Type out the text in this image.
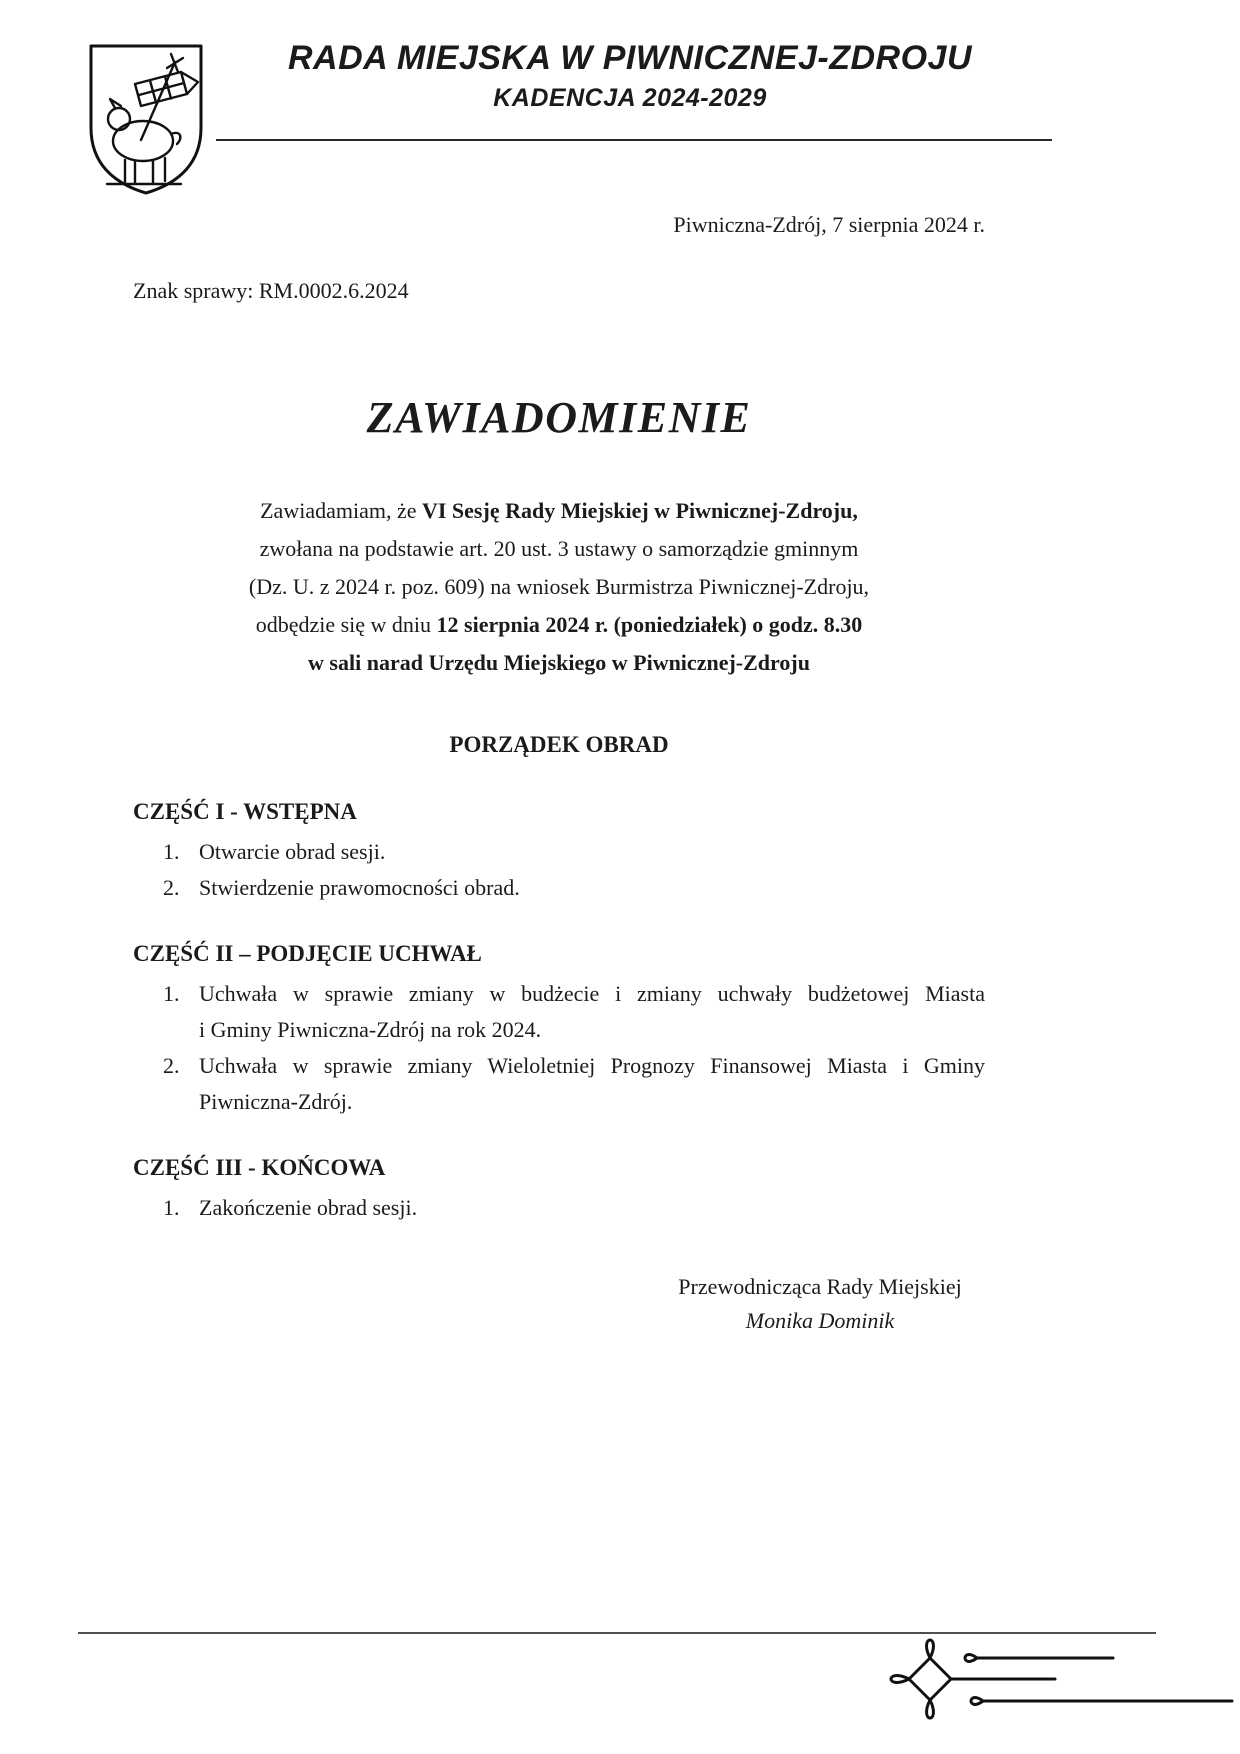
RADA MIEJSKA W PIWNICZNEJ-ZDROJU
KADENCJA 2024-2029
Piwniczna-Zdrój, 7 sierpnia 2024 r.
Znak sprawy: RM.0002.6.2024
ZAWIADOMIENIE
Zawiadamiam, że VI Sesję Rady Miejskiej w Piwnicznej-Zdroju,
zwołana na podstawie art. 20 ust. 3 ustawy o samorządzie gminnym
(Dz. U. z 2024 r. poz. 609) na wniosek Burmistrza Piwnicznej-Zdroju,
odbędzie się w dniu 12 sierpnia 2024 r. (poniedziałek) o godz. 8.30
w sali narad Urzędu Miejskiego w Piwnicznej-Zdroju
PORZĄDEK OBRAD
CZĘŚĆ I - WSTĘPNA
1. Otwarcie obrad sesji.
2. Stwierdzenie prawomocności obrad.
CZĘŚĆ II – PODJĘCIE UCHWAŁ
1. Uchwała w sprawie zmiany w budżecie i zmiany uchwały budżetowej Miasta
i Gminy Piwniczna-Zdrój na rok 2024.
2. Uchwała w sprawie zmiany Wieloletniej Prognozy Finansowej Miasta i Gminy
Piwniczna-Zdrój.
CZĘŚĆ III - KOŃCOWA
1. Zakończenie obrad sesji.
Przewodnicząca Rady Miejskiej
Monika Dominik
